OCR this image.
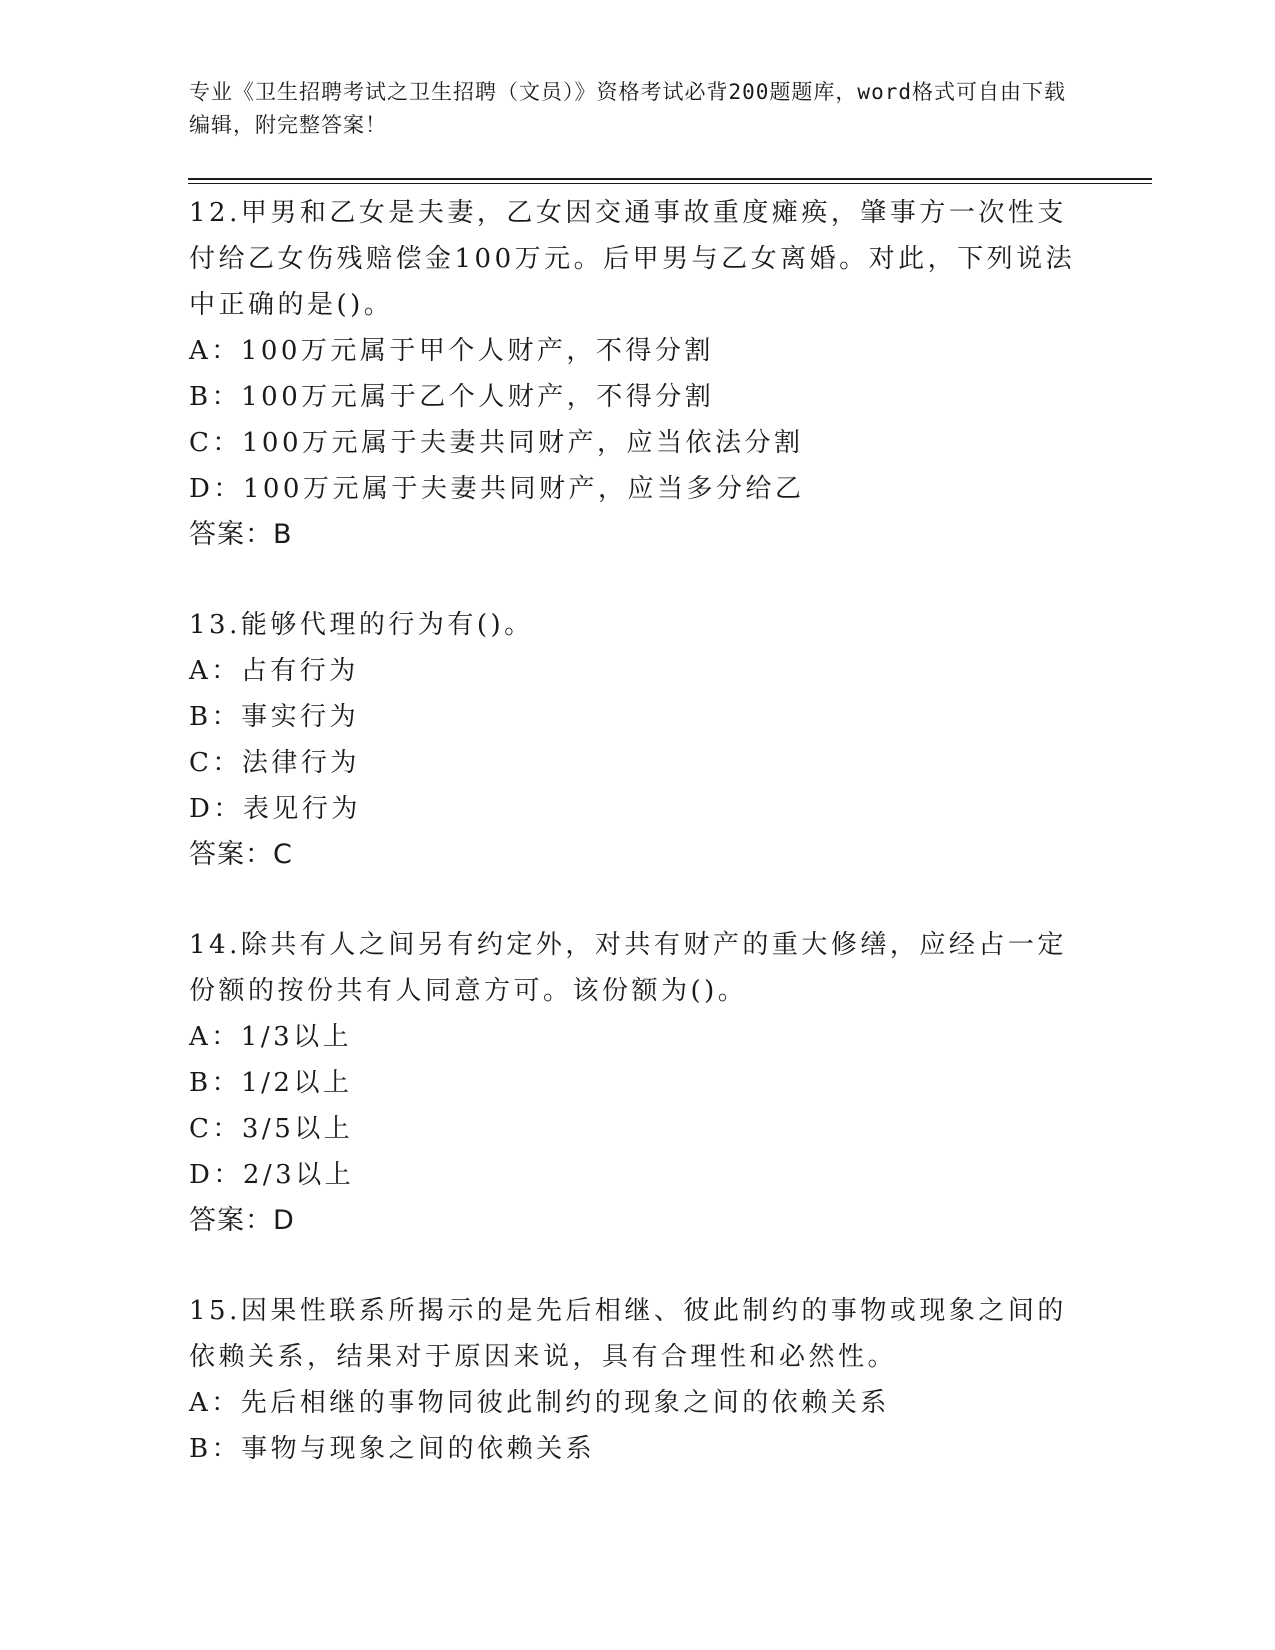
专业《卫生招聘考试之卫生招聘（文员）》资格考试必背200题题库，word格式可自由下载编辑，附完整答案！

12.甲男和乙女是夫妻，乙女因交通事故重度瘫痪，肇事方一次性支付给乙女伤残赔偿金100万元。后甲男与乙女离婚。对此，下列说法中正确的是()。

A：100万元属于甲个人财产，不得分割

B：100万元属于乙个人财产，不得分割

C：100万元属于夫妻共同财产，应当依法分割

D：100万元属于夫妻共同财产，应当多分给乙

答案：B

13.能够代理的行为有()。

A：占有行为

B：事实行为

C：法律行为

D：表见行为

答案：C

14.除共有人之间另有约定外，对共有财产的重大修缮，应经占一定份额的按份共有人同意方可。该份额为()。

A：1/3以上

B：1/2以上

C：3/5以上

D：2/3以上

答案：D

15.因果性联系所揭示的是先后相继、彼此制约的事物或现象之间的依赖关系，结果对于原因来说，具有合理性和必然性。

A：先后相继的事物同彼此制约的现象之间的依赖关系

B：事物与现象之间的依赖关系
